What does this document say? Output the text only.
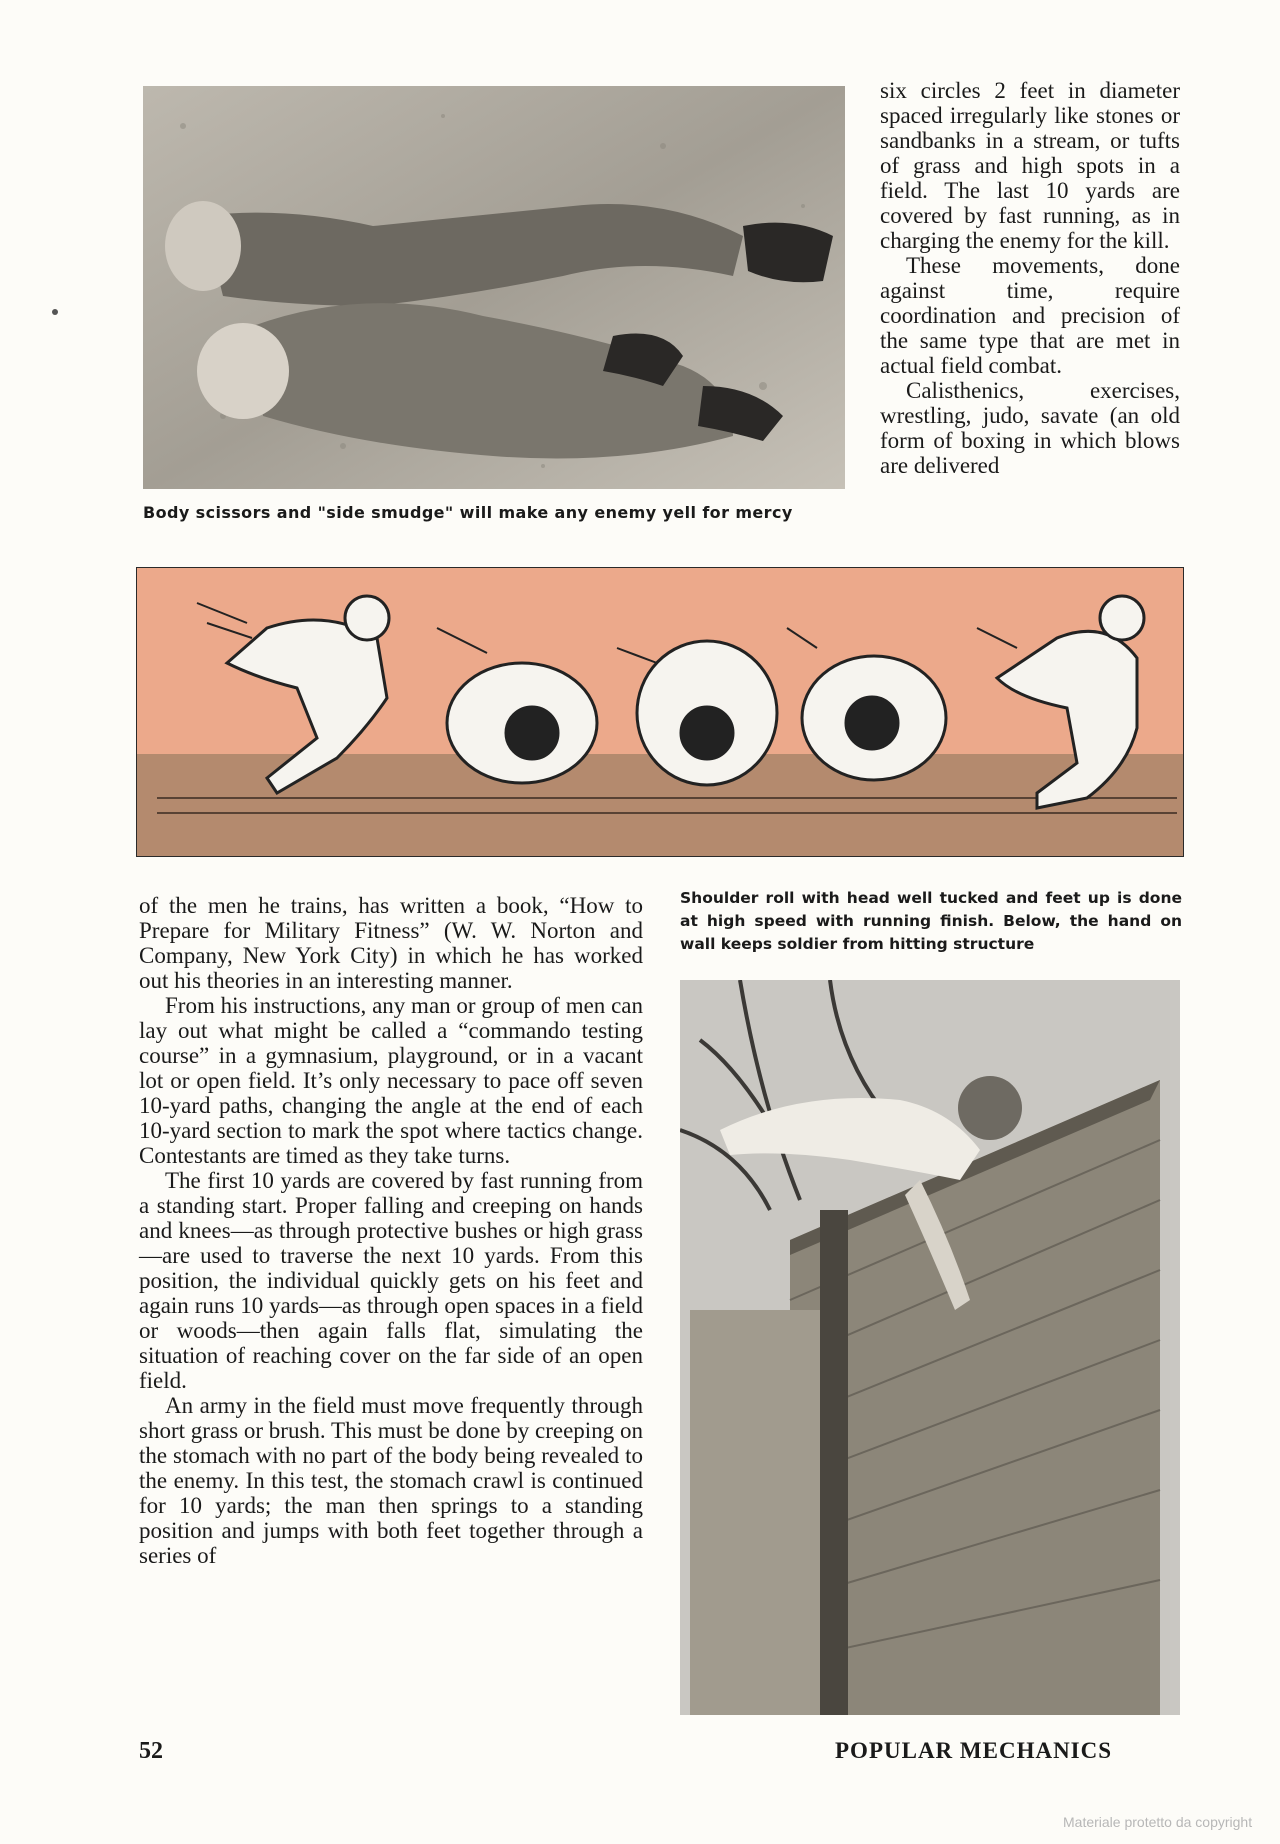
Body scissors and "side smudge" will make any enemy yell for mercy

six circles 2 feet in diameter spaced irregularly like stones or sandbanks in a stream, or tufts of grass and high spots in a field. The last 10 yards are covered by fast running, as in charging the enemy for the kill.

These movements, done against time, require coordination and precision of the same type that are met in actual field combat.

Calisthenics, exercises, wrestling, judo, savate (an old form of boxing in which blows are delivered

of the men he trains, has written a book, “How to Prepare for Military Fitness” (W. W. Norton and Company, New York City) in which he has worked out his theories in an interesting manner.

From his instructions, any man or group of men can lay out what might be called a “commando testing course” in a gymnasium, playground, or in a vacant lot or open field. It’s only necessary to pace off seven 10-yard paths, changing the angle at the end of each 10-yard section to mark the spot where tactics change. Contestants are timed as they take turns.

The first 10 yards are covered by fast running from a standing start. Proper falling and creeping on hands and knees—as through protective bushes or high grass—are used to traverse the next 10 yards. From this position, the individual quickly gets on his feet and again runs 10 yards—as through open spaces in a field or woods—then again falls flat, simulating the situation of reaching cover on the far side of an open field.

An army in the field must move frequently through short grass or brush. This must be done by creeping on the stomach with no part of the body being revealed to the enemy. In this test, the stomach crawl is continued for 10 yards; the man then springs to a standing position and jumps with both feet together through a series of

Shoulder roll with head well tucked and feet up is done at high speed with running finish. Below, the hand on wall keeps soldier from hitting structure
52	POPULAR MECHANICS
Materiale protetto da copyright
